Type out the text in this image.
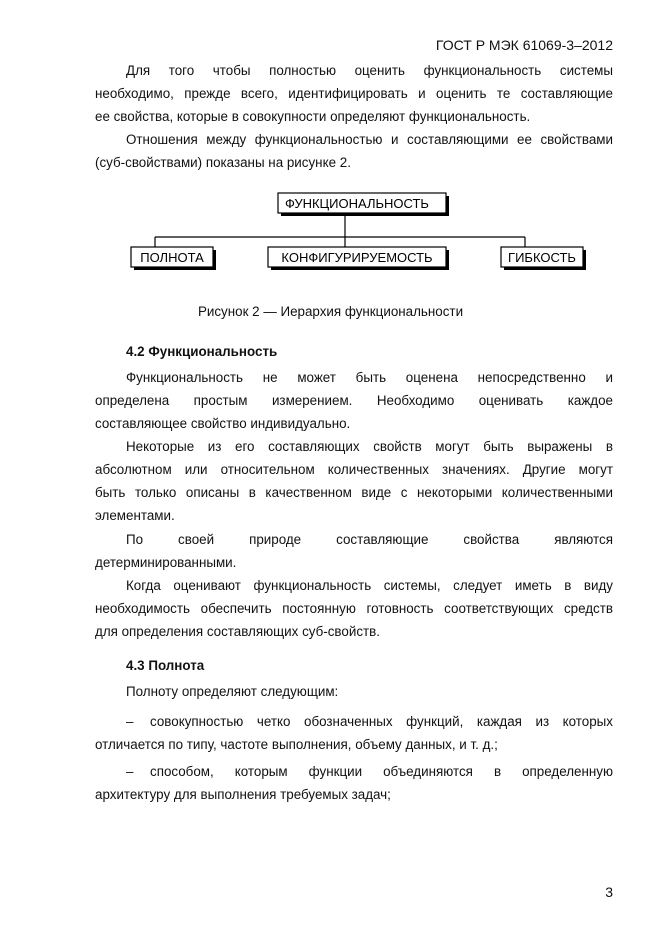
ГОСТ Р МЭК 61069-3–2012
Для того чтобы полностью оценить функциональность системы
необходимо, прежде всего, идентифицировать и оценить те составляющие
ее свойства, которые в совокупности определяют функциональность.
Отношения между функциональностью и составляющими ее свойствами
(суб-свойствами) показаны на рисунке 2.
ФУНКЦИОНАЛЬНОСТЬ
ПОЛНОТА	КОНФИГУРИРУЕМОСТЬ	ГИБКОСТЬ
Рисунок 2 — Иерархия функциональности
4.2 Функциональность
Функциональность не может быть оценена непосредственно и
определена простым измерением. Необходимо оценивать каждое
составляющее свойство индивидуально.
Некоторые из его составляющих свойств могут быть выражены в
абсолютном или относительном количественных значениях. Другие могут
быть только описаны в качественном виде с некоторыми количественными
элементами.
По своей природе составляющие свойства являются
детерминированными.
Когда оценивают функциональность системы, следует иметь в виду
необходимость обеспечить постоянную готовность соответствующих средств
для определения составляющих суб-свойств.
4.3 Полнота
Полноту определяют следующим:
– совокупностью четко обозначенных функций, каждая из которых
отличается по типу, частоте выполнения, объему данных, и т. д.;
– способом, которым функции объединяются в определенную
архитектуру для выполнения требуемых задач;
3
